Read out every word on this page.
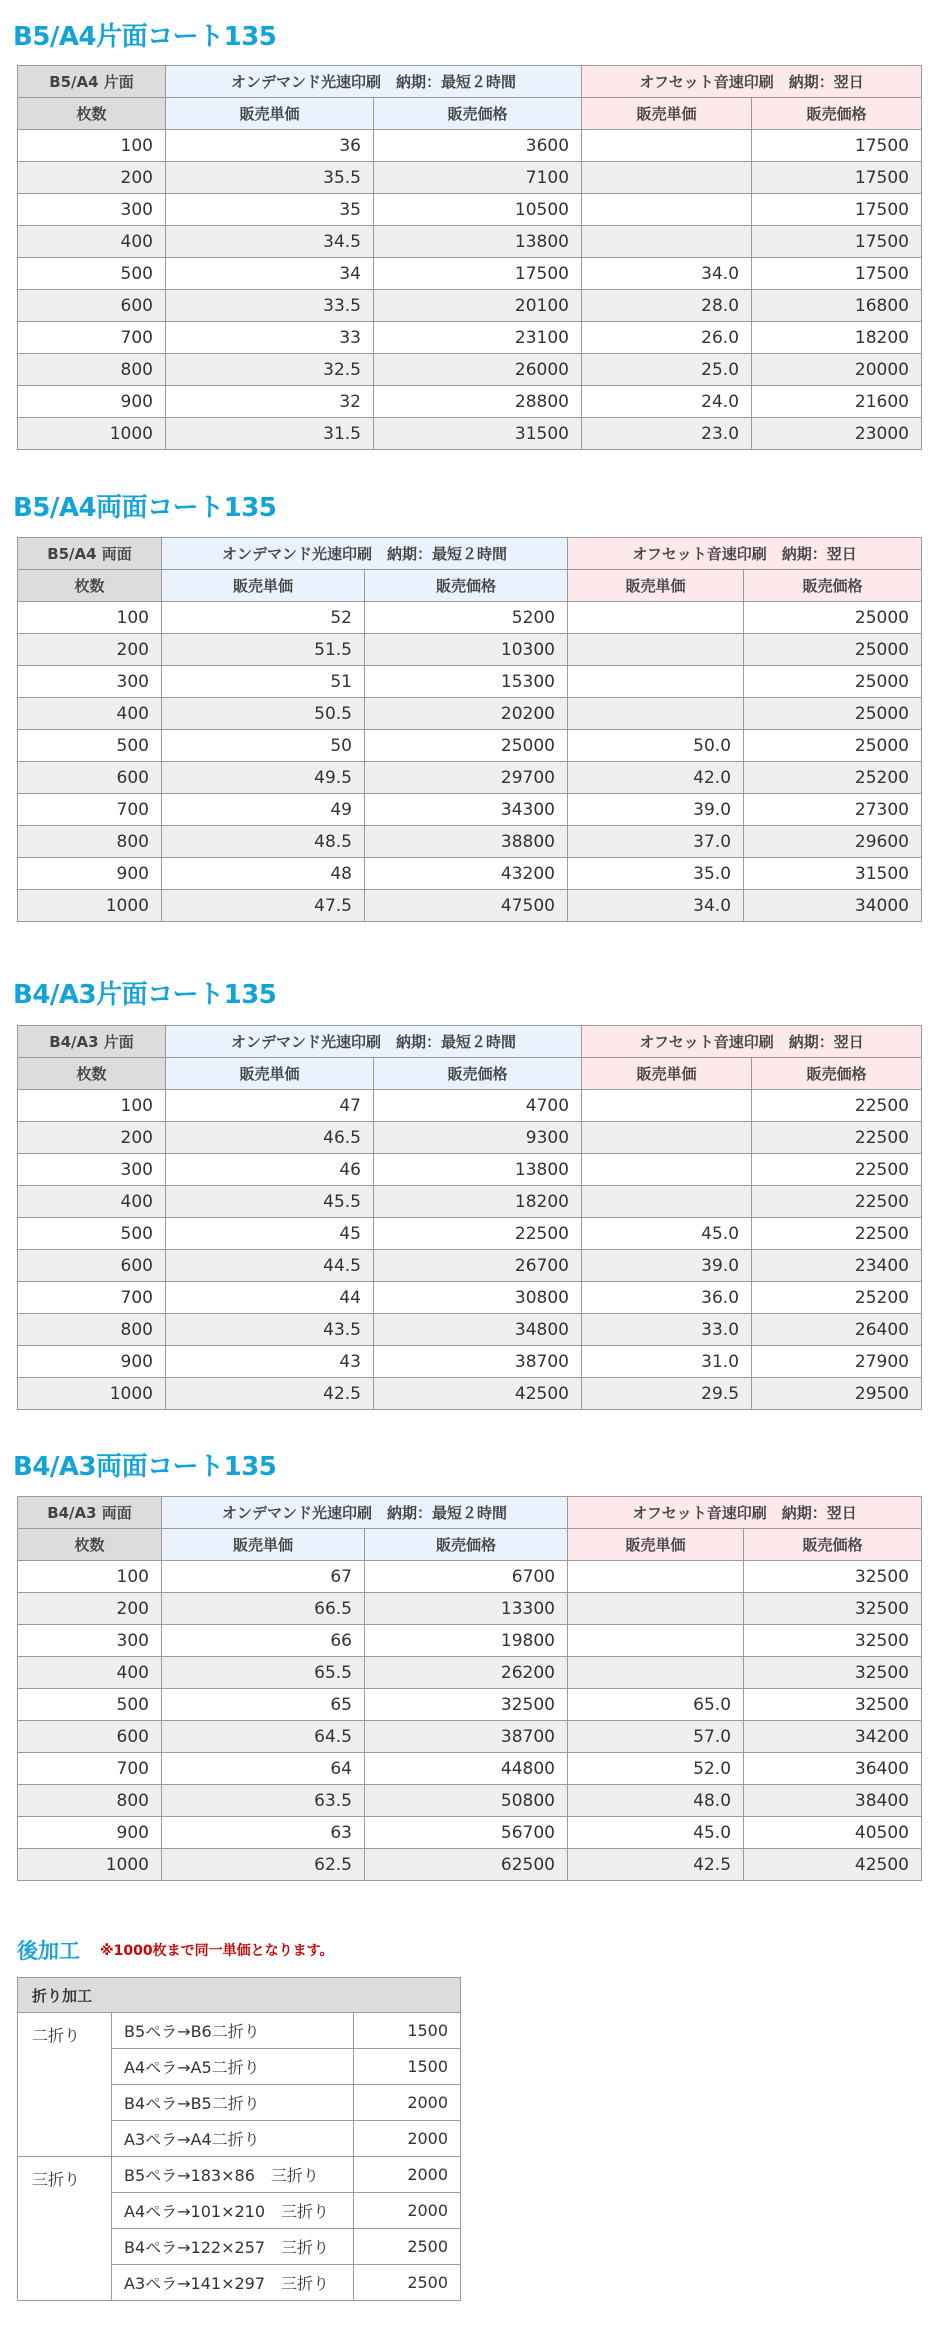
B5/A4片面コート135
B5/A4 片面	オンデマンド光速印刷　納期：最短２時間		オフセット音速印刷　納期：翌日	
枚数	販売単価	販売価格	販売単価	販売価格
100	36	3600		17500
200	35.5	7100		17500
300	35	10500		17500
400	34.5	13800		17500
500	34	17500	34.0	17500
600	33.5	20100	28.0	16800
700	33	23100	26.0	18200
800	32.5	26000	25.0	20000
900	32	28800	24.0	21600
1000	31.5	31500	23.0	23000
B5/A4両面コート135
B5/A4 両面	オンデマンド光速印刷　納期：最短２時間		オフセット音速印刷　納期：翌日	
枚数	販売単価	販売価格	販売単価	販売価格
100	52	5200		25000
200	51.5	10300		25000
300	51	15300		25000
400	50.5	20200		25000
500	50	25000	50.0	25000
600	49.5	29700	42.0	25200
700	49	34300	39.0	27300
800	48.5	38800	37.0	29600
900	48	43200	35.0	31500
1000	47.5	47500	34.0	34000
B4/A3片面コート135
B4/A3 片面	オンデマンド光速印刷　納期：最短２時間		オフセット音速印刷　納期：翌日	
枚数	販売単価	販売価格	販売単価	販売価格
100	47	4700		22500
200	46.5	9300		22500
300	46	13800		22500
400	45.5	18200		22500
500	45	22500	45.0	22500
600	44.5	26700	39.0	23400
700	44	30800	36.0	25200
800	43.5	34800	33.0	26400
900	43	38700	31.0	27900
1000	42.5	42500	29.5	29500
B4/A3両面コート135
B4/A3 両面	オンデマンド光速印刷　納期：最短２時間		オフセット音速印刷　納期：翌日	
枚数	販売単価	販売価格	販売単価	販売価格
100	67	6700		32500
200	66.5	13300		32500
300	66	19800		32500
400	65.5	26200		32500
500	65	32500	65.0	32500
600	64.5	38700	57.0	34200
700	64	44800	52.0	36400
800	63.5	50800	48.0	38400
900	63	56700	45.0	40500
1000	62.5	62500	42.5	42500
後加工 ※1000枚まで同一単価となります。
折り加工		
二折り	B5ペラ→B6二折り	1500
	A4ペラ→A5二折り	1500
	B4ペラ→B5二折り	2000
	A3ペラ→A4二折り	2000
三折り	B5ペラ→183×86　三折り	2000
	A4ペラ→101×210　三折り	2000
	B4ペラ→122×257　三折り	2500
	A3ペラ→141×297　三折り	2500
